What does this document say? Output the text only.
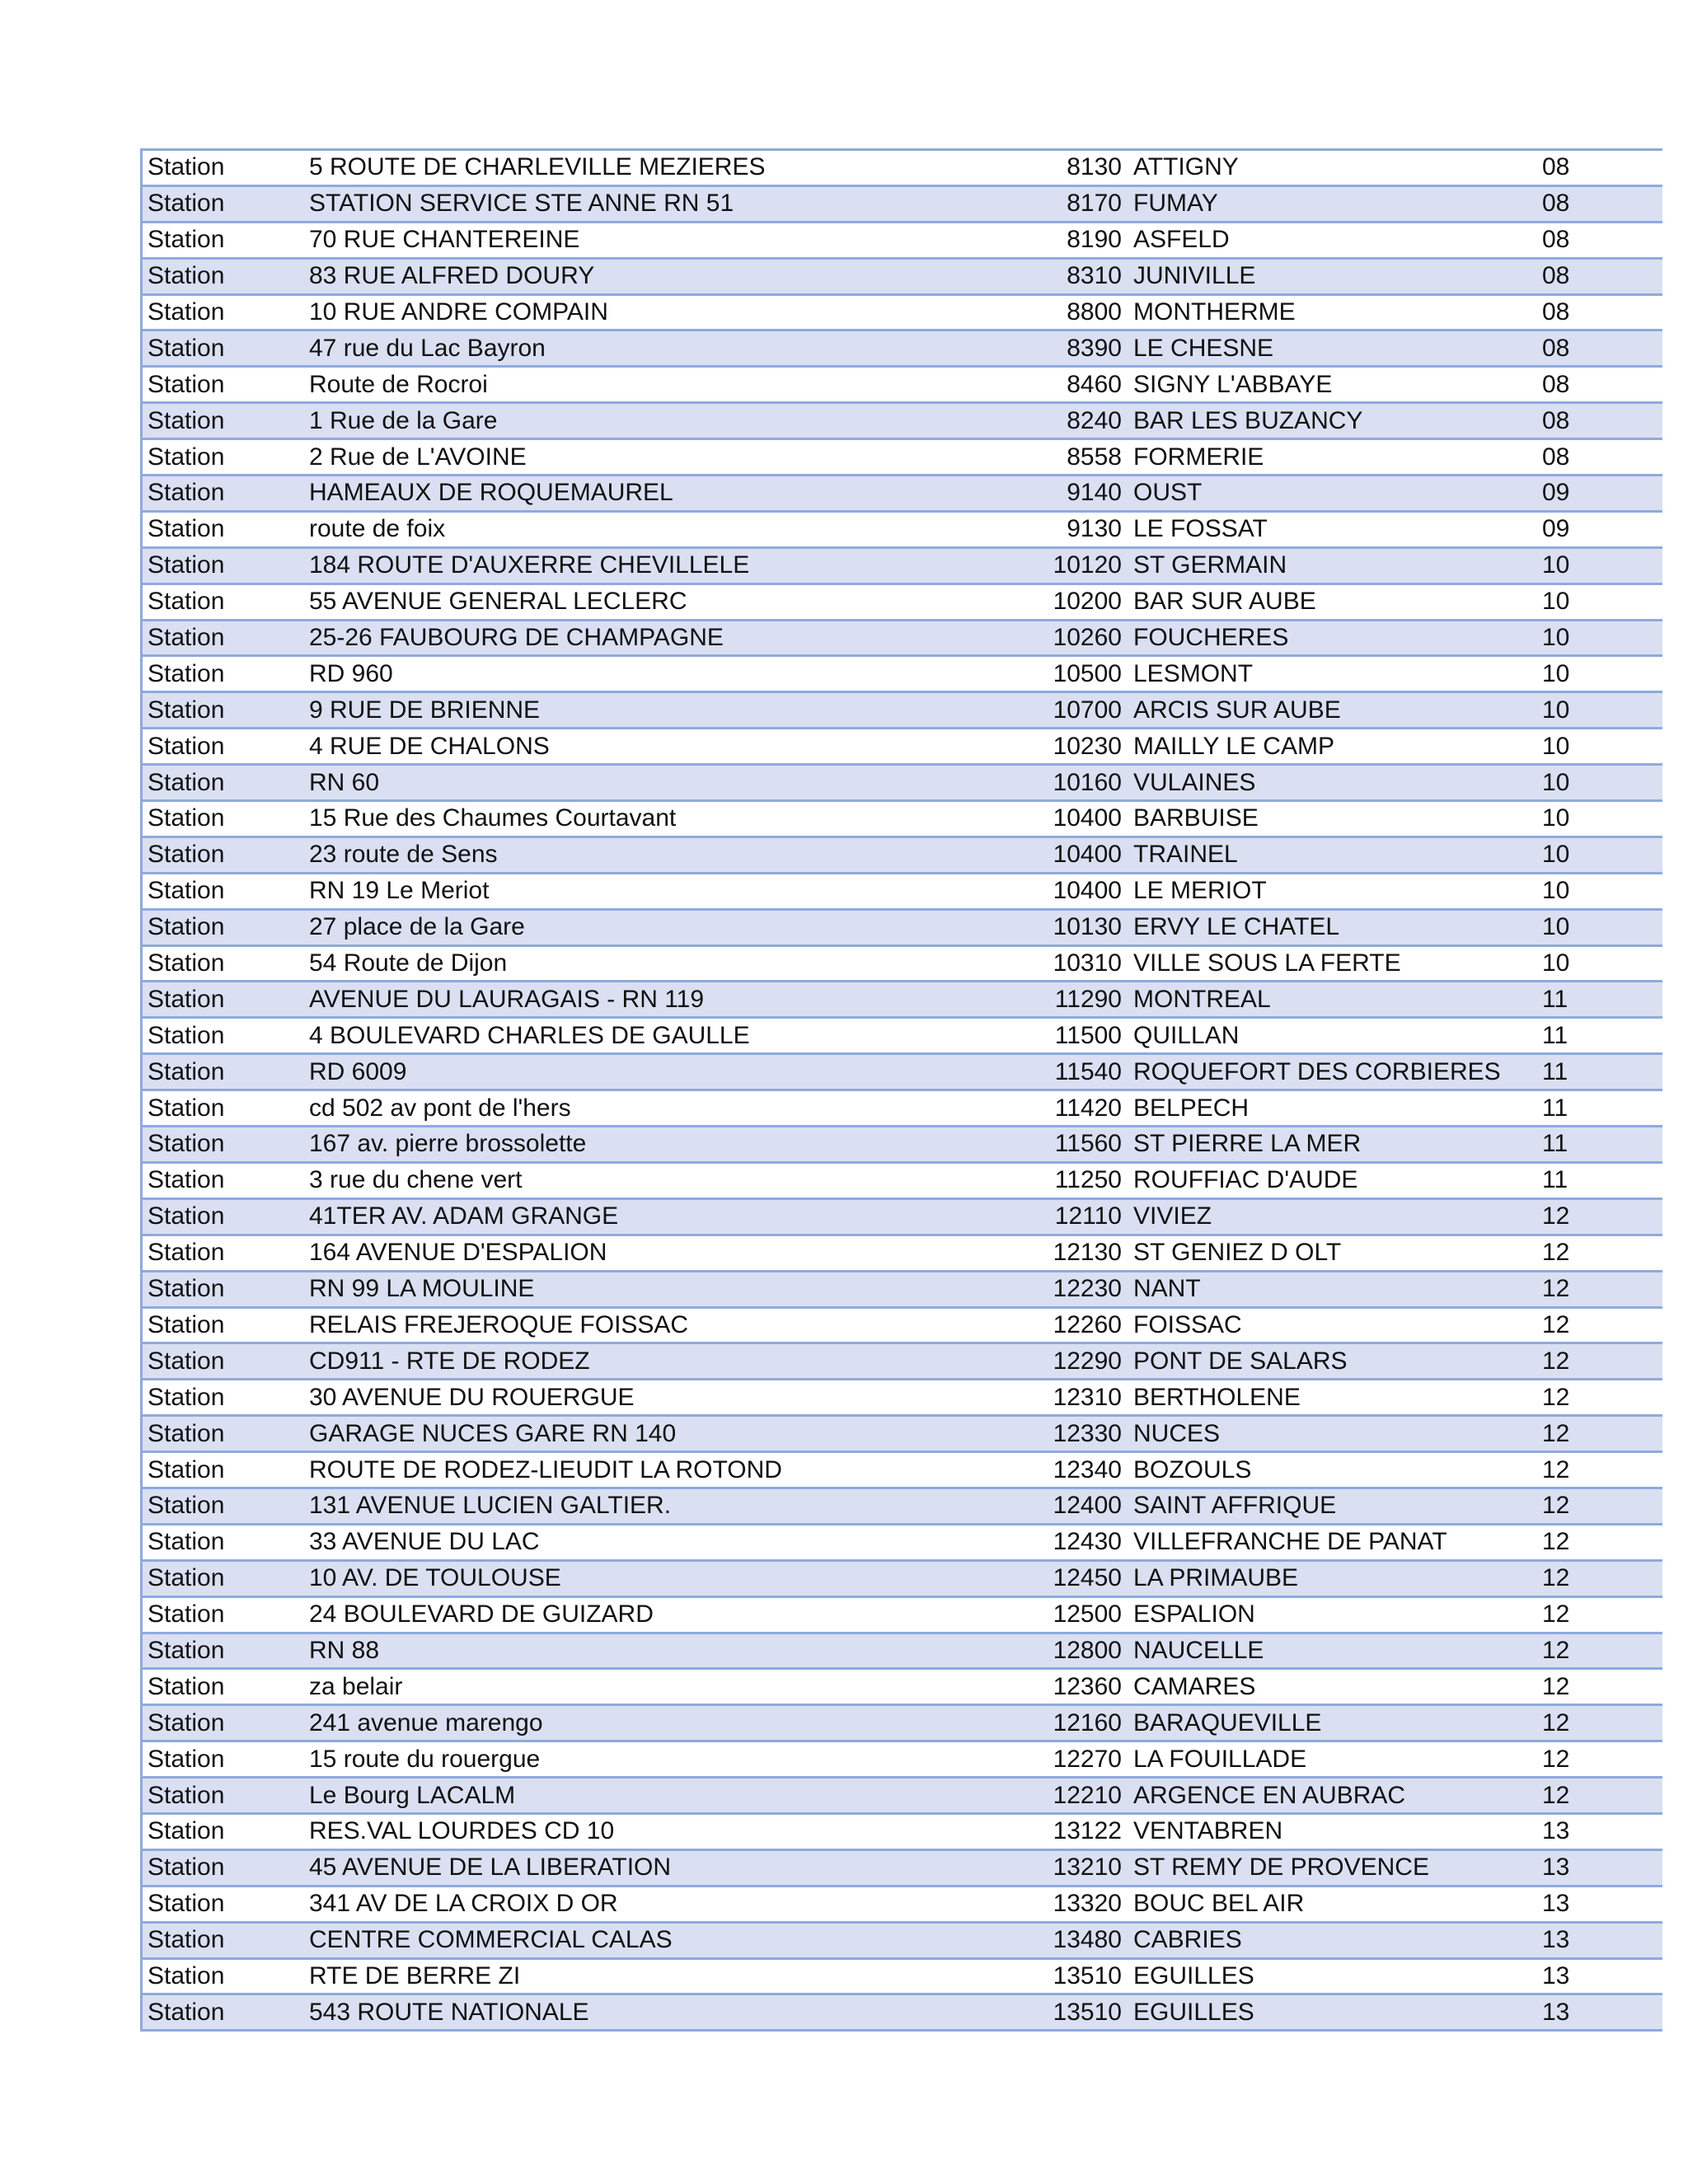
Station	5 ROUTE DE CHARLEVILLE MEZIERES	8130	ATTIGNY	08
Station	STATION SERVICE STE ANNE RN 51	8170	FUMAY	08
Station	70 RUE CHANTEREINE	8190	ASFELD	08
Station	83 RUE ALFRED DOURY	8310	JUNIVILLE	08
Station	10 RUE ANDRE COMPAIN	8800	MONTHERME	08
Station	47 rue du Lac Bayron	8390	LE CHESNE	08
Station	Route de Rocroi	8460	SIGNY L'ABBAYE	08
Station	1 Rue de la Gare	8240	BAR LES BUZANCY	08
Station	2 Rue de L'AVOINE	8558	FORMERIE	08
Station	HAMEAUX DE ROQUEMAUREL	9140	OUST	09
Station	route de foix	9130	LE FOSSAT	09
Station	184 ROUTE D'AUXERRE CHEVILLELE	10120	ST GERMAIN	10
Station	55 AVENUE GENERAL LECLERC	10200	BAR SUR AUBE	10
Station	25-26 FAUBOURG DE CHAMPAGNE	10260	FOUCHERES	10
Station	RD 960	10500	LESMONT	10
Station	9 RUE DE BRIENNE	10700	ARCIS SUR AUBE	10
Station	4 RUE DE CHALONS	10230	MAILLY LE CAMP	10
Station	RN 60	10160	VULAINES	10
Station	15 Rue des Chaumes Courtavant	10400	BARBUISE	10
Station	23 route de Sens	10400	TRAINEL	10
Station	RN 19 Le Meriot	10400	LE MERIOT	10
Station	27 place de la Gare	10130	ERVY LE CHATEL	10
Station	54 Route de Dijon	10310	VILLE SOUS LA FERTE	10
Station	AVENUE DU LAURAGAIS - RN 119	11290	MONTREAL	11
Station	4 BOULEVARD CHARLES DE GAULLE	11500	QUILLAN	11
Station	RD 6009	11540	ROQUEFORT DES CORBIERES	11
Station	cd 502 av pont de l'hers	11420	BELPECH	11
Station	167 av. pierre brossolette	11560	ST PIERRE LA MER	11
Station	3 rue du chene vert	11250	ROUFFIAC D'AUDE	11
Station	41TER AV. ADAM GRANGE	12110	VIVIEZ	12
Station	164 AVENUE D'ESPALION	12130	ST GENIEZ D OLT	12
Station	RN 99 LA MOULINE	12230	NANT	12
Station	RELAIS FREJEROQUE FOISSAC	12260	FOISSAC	12
Station	CD911 - RTE DE RODEZ	12290	PONT DE SALARS	12
Station	30 AVENUE DU ROUERGUE	12310	BERTHOLENE	12
Station	GARAGE NUCES GARE RN 140	12330	NUCES	12
Station	ROUTE DE RODEZ-LIEUDIT LA ROTOND	12340	BOZOULS	12
Station	131 AVENUE LUCIEN GALTIER.	12400	SAINT AFFRIQUE	12
Station	33 AVENUE DU LAC	12430	VILLEFRANCHE DE PANAT	12
Station	10 AV. DE TOULOUSE	12450	LA PRIMAUBE	12
Station	24 BOULEVARD DE GUIZARD	12500	ESPALION	12
Station	RN 88	12800	NAUCELLE	12
Station	za belair	12360	CAMARES	12
Station	241 avenue marengo	12160	BARAQUEVILLE	12
Station	15 route du rouergue	12270	LA FOUILLADE	12
Station	Le Bourg LACALM	12210	ARGENCE EN AUBRAC	12
Station	RES.VAL LOURDES CD 10	13122	VENTABREN	13
Station	45 AVENUE DE LA LIBERATION	13210	ST REMY DE PROVENCE	13
Station	341 AV DE LA CROIX D OR	13320	BOUC BEL AIR	13
Station	CENTRE COMMERCIAL CALAS	13480	CABRIES	13
Station	RTE DE BERRE ZI	13510	EGUILLES	13
Station	543 ROUTE NATIONALE	13510	EGUILLES	13
